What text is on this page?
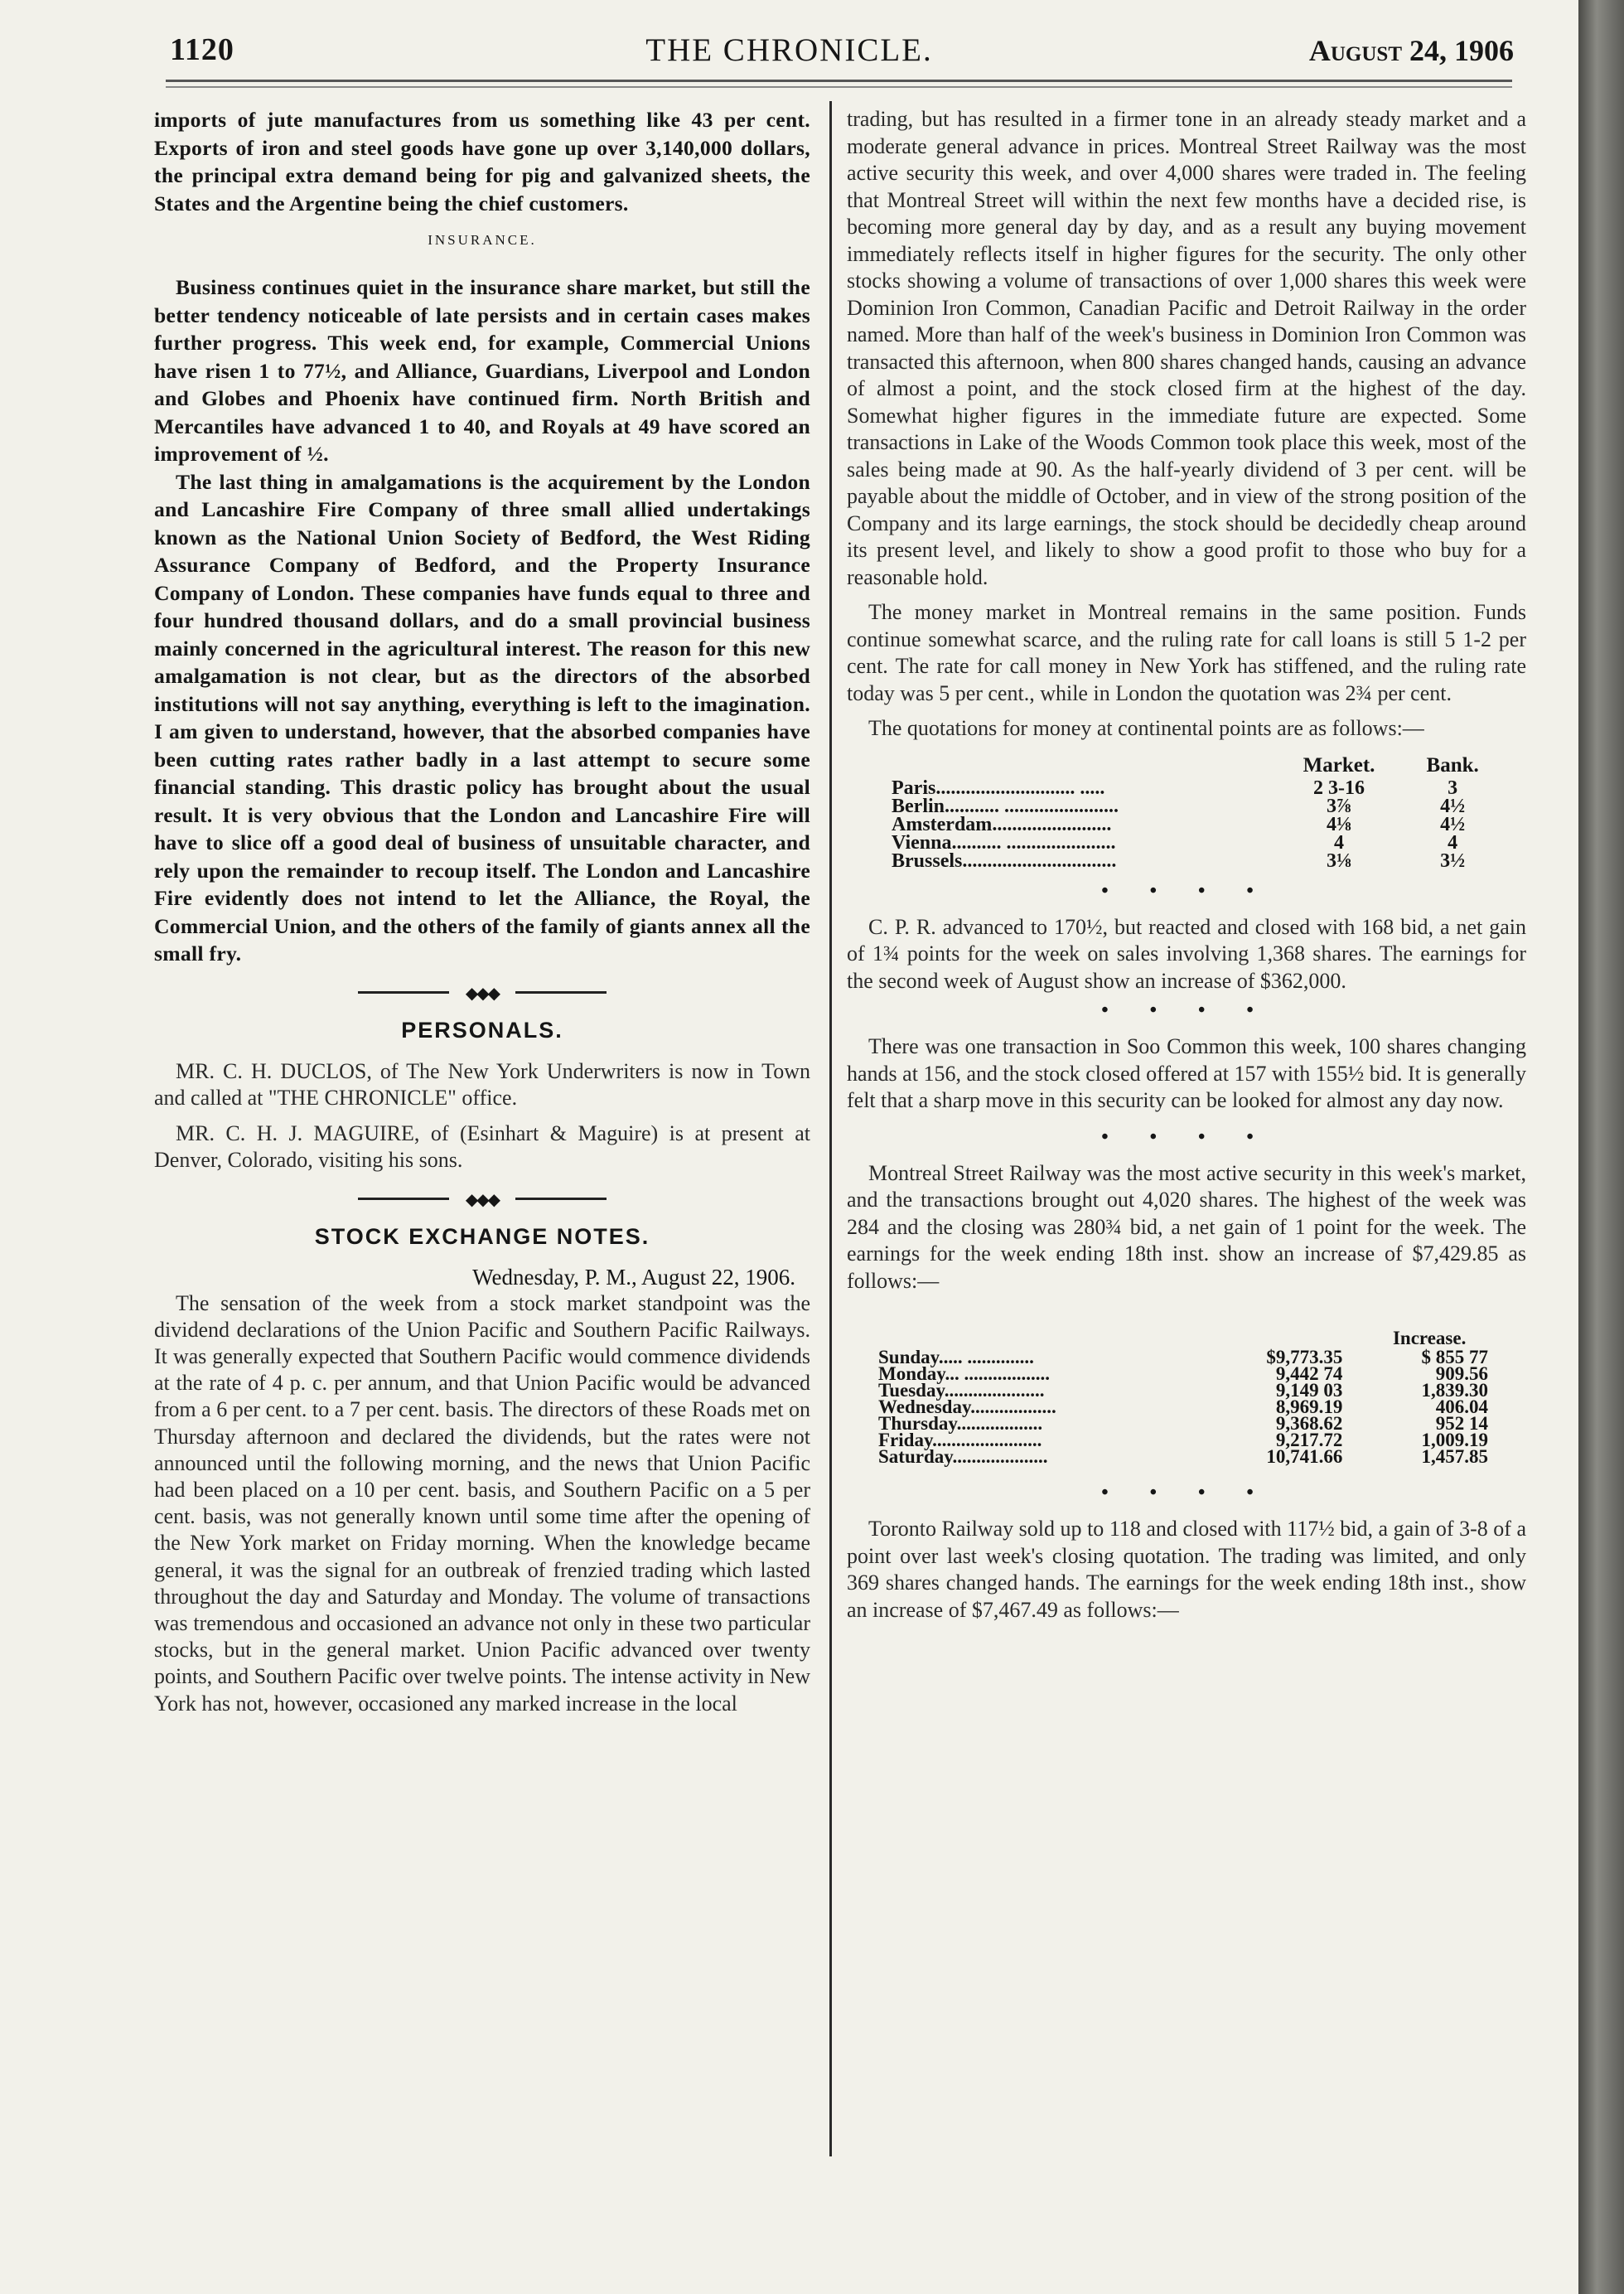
1120	THE CHRONICLE.	August 24, 1906

imports of jute manufactures from us something like 43 per cent. Exports of iron and steel goods have gone up over 3,140,000 dollars, the principal extra demand being for pig and galvanized sheets, the States and the Argentine being the chief customers.

INSURANCE.

Business continues quiet in the insurance share market, but still the better tendency noticeable of late persists and in certain cases makes further progress. This week end, for example, Commercial Unions have risen 1 to 77½, and Alliance, Guardians, Liverpool and London and Globes and Phoenix have continued firm. North British and Mercantiles have advanced 1 to 40, and Royals at 49 have scored an improvement of ½.

The last thing in amalgamations is the acquirement by the London and Lancashire Fire Company of three small allied undertakings known as the National Union Society of Bedford, the West Riding Assurance Company of Bedford, and the Property Insurance Company of London. These companies have funds equal to three and four hundred thousand dollars, and do a small provincial business mainly concerned in the agricultural interest. The reason for this new amalgamation is not clear, but as the directors of the absorbed institutions will not say anything, everything is left to the imagination. I am given to understand, however, that the absorbed companies have been cutting rates rather badly in a last attempt to secure some financial standing. This drastic policy has brought about the usual result. It is very obvious that the London and Lancashire Fire will have to slice off a good deal of business of unsuitable character, and rely upon the remainder to recoup itself. The London and Lancashire Fire evidently does not intend to let the Alliance, the Royal, the Commercial Union, and the others of the family of giants annex all the small fry.

◆◆◆
PERSONALS.

MR. C. H. DUCLOS, of The New York Underwriters is now in Town and called at "THE CHRONICLE" office.

MR. C. H. J. MAGUIRE, of (Esinhart & Maguire) is at present at Denver, Colorado, visiting his sons.

◆◆◆
STOCK EXCHANGE NOTES.
Wednesday, P. M., August 22, 1906.

The sensation of the week from a stock market standpoint was the dividend declarations of the Union Pacific and Southern Pacific Railways. It was generally expected that Southern Pacific would commence dividends at the rate of 4 p. c. per annum, and that Union Pacific would be advanced from a 6 per cent. to a 7 per cent. basis. The directors of these Roads met on Thursday afternoon and declared the dividends, but the rates were not announced until the following morning, and the news that Union Pacific had been placed on a 10 per cent. basis, and Southern Pacific on a 5 per cent. basis, was not generally known until some time after the opening of the New York market on Friday morning. When the knowledge became general, it was the signal for an outbreak of frenzied trading which lasted throughout the day and Saturday and Monday. The volume of transactions was tremendous and occasioned an advance not only in these two particular stocks, but in the general market. Union Pacific advanced over twenty points, and Southern Pacific over twelve points. The intense activity in New York has not, however, occasioned any marked increase in the local

trading, but has resulted in a firmer tone in an already steady market and a moderate general advance in prices. Montreal Street Railway was the most active security this week, and over 4,000 shares were traded in. The feeling that Montreal Street will within the next few months have a decided rise, is becoming more general day by day, and as a result any buying movement immediately reflects itself in higher figures for the security. The only other stocks showing a volume of transactions of over 1,000 shares this week were Dominion Iron Common, Canadian Pacific and Detroit Railway in the order named. More than half of the week's business in Dominion Iron Common was transacted this afternoon, when 800 shares changed hands, causing an advance of almost a point, and the stock closed firm at the highest of the day. Somewhat higher figures in the immediate future are expected. Some transactions in Lake of the Woods Common took place this week, most of the sales being made at 90. As the half-yearly dividend of 3 per cent. will be payable about the middle of October, and in view of the strong position of the Company and its large earnings, the stock should be decidedly cheap around its present level, and likely to show a good profit to those who buy for a reasonable hold.

The money market in Montreal remains in the same position. Funds continue somewhat scarce, and the ruling rate for call loans is still 5 1-2 per cent. The rate for call money in New York has stiffened, and the ruling rate today was 5 per cent., while in London the quotation was 2¾ per cent.

The quotations for money at continental points are as follows:—

	Market.	Bank.
Paris............................ .....	2 3-16	3
Berlin........... .......................	3⅞	4½
Amsterdam........................	4⅛	4½
Vienna.......... ......................	4	4
Brussels...............................	3⅛	3½
• • • •

C. P. R. advanced to 170½, but reacted and closed with 168 bid, a net gain of 1¾ points for the week on sales involving 1,368 shares. The earnings for the second week of August show an increase of $362,000.

• • • •

There was one transaction in Soo Common this week, 100 shares changing hands at 156, and the stock closed offered at 157 with 155½ bid. It is generally felt that a sharp move in this security can be looked for almost any day now.

• • • •

Montreal Street Railway was the most active security in this week's market, and the transactions brought out 4,020 shares. The highest of the week was 284 and the closing was 280¾ bid, a net gain of 1 point for the week. The earnings for the week ending 18th inst. show an increase of $7,429.85 as follows:—

		Increase.
Sunday..... ..............	$9,773.35	$ 855 77
Monday... ..................	9,442 74	909.56
Tuesday.....................	9,149 03	1,839.30
Wednesday..................	8,969.19	406.04
Thursday..................	9,368.62	952 14
Friday.......................	9,217.72	1,009.19
Saturday....................	10,741.66	1,457.85
• • • •

Toronto Railway sold up to 118 and closed with 117½ bid, a gain of 3-8 of a point over last week's closing quotation. The trading was limited, and only 369 shares changed hands. The earnings for the week ending 18th inst., show an increase of $7,467.49 as follows:—
